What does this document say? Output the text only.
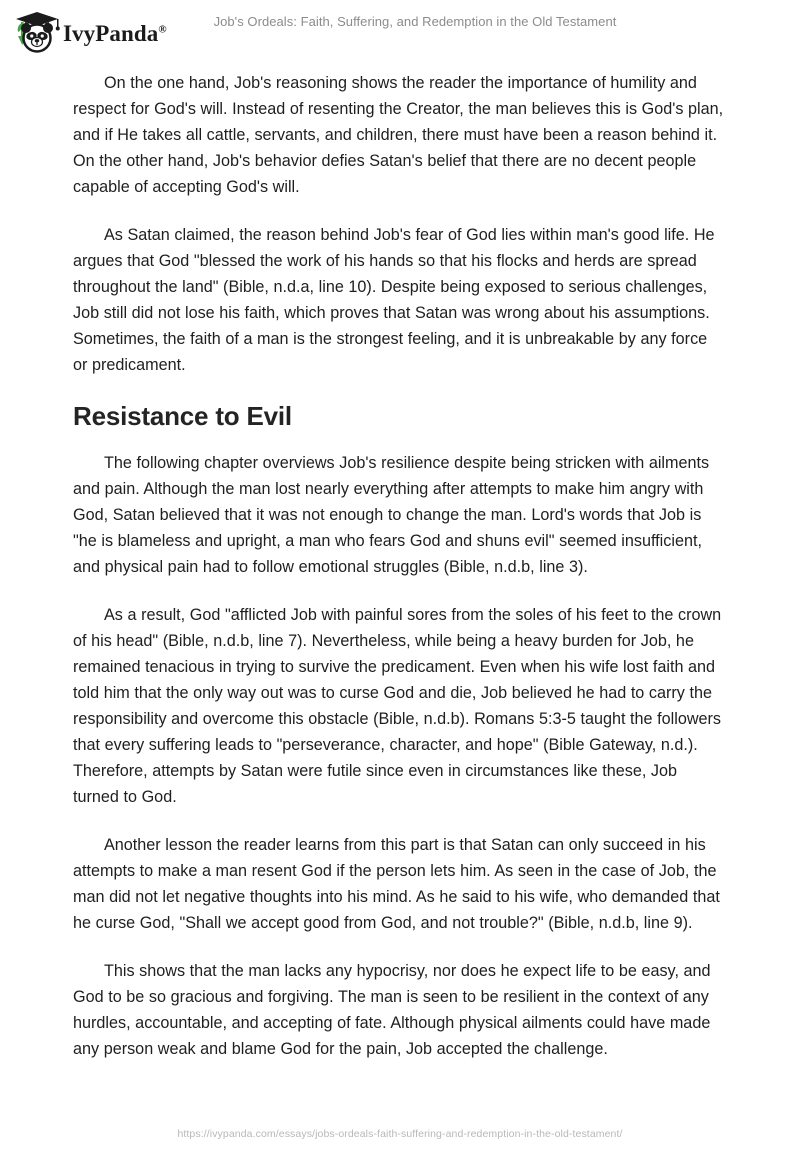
IvyPanda®	Job's Ordeals: Faith, Suffering, and Redemption in the Old Testament

On the one hand, Job's reasoning shows the reader the importance of humility and respect for God's will. Instead of resenting the Creator, the man believes this is God's plan, and if He takes all cattle, servants, and children, there must have been a reason behind it. On the other hand, Job's behavior defies Satan's belief that there are no decent people capable of accepting God's will.

As Satan claimed, the reason behind Job's fear of God lies within man's good life. He argues that God "blessed the work of his hands so that his flocks and herds are spread throughout the land" (Bible, n.d.a, line 10). Despite being exposed to serious challenges, Job still did not lose his faith, which proves that Satan was wrong about his assumptions. Sometimes, the faith of a man is the strongest feeling, and it is unbreakable by any force or predicament.

Resistance to Evil

The following chapter overviews Job's resilience despite being stricken with ailments and pain. Although the man lost nearly everything after attempts to make him angry with God, Satan believed that it was not enough to change the man. Lord's words that Job is "he is blameless and upright, a man who fears God and shuns evil" seemed insufficient, and physical pain had to follow emotional struggles (Bible, n.d.b, line 3).

As a result, God "afflicted Job with painful sores from the soles of his feet to the crown of his head" (Bible, n.d.b, line 7). Nevertheless, while being a heavy burden for Job, he remained tenacious in trying to survive the predicament. Even when his wife lost faith and told him that the only way out was to curse God and die, Job believed he had to carry the responsibility and overcome this obstacle (Bible, n.d.b). Romans 5:3-5 taught the followers that every suffering leads to "perseverance, character, and hope" (Bible Gateway, n.d.). Therefore, attempts by Satan were futile since even in circumstances like these, Job turned to God.

Another lesson the reader learns from this part is that Satan can only succeed in his attempts to make a man resent God if the person lets him. As seen in the case of Job, the man did not let negative thoughts into his mind. As he said to his wife, who demanded that he curse God, "Shall we accept good from God, and not trouble?" (Bible, n.d.b, line 9).

This shows that the man lacks any hypocrisy, nor does he expect life to be easy, and God to be so gracious and forgiving. The man is seen to be resilient in the context of any hurdles, accountable, and accepting of fate. Although physical ailments could have made any person weak and blame God for the pain, Job accepted the challenge.

https://ivypanda.com/essays/jobs-ordeals-faith-suffering-and-redemption-in-the-old-testament/
